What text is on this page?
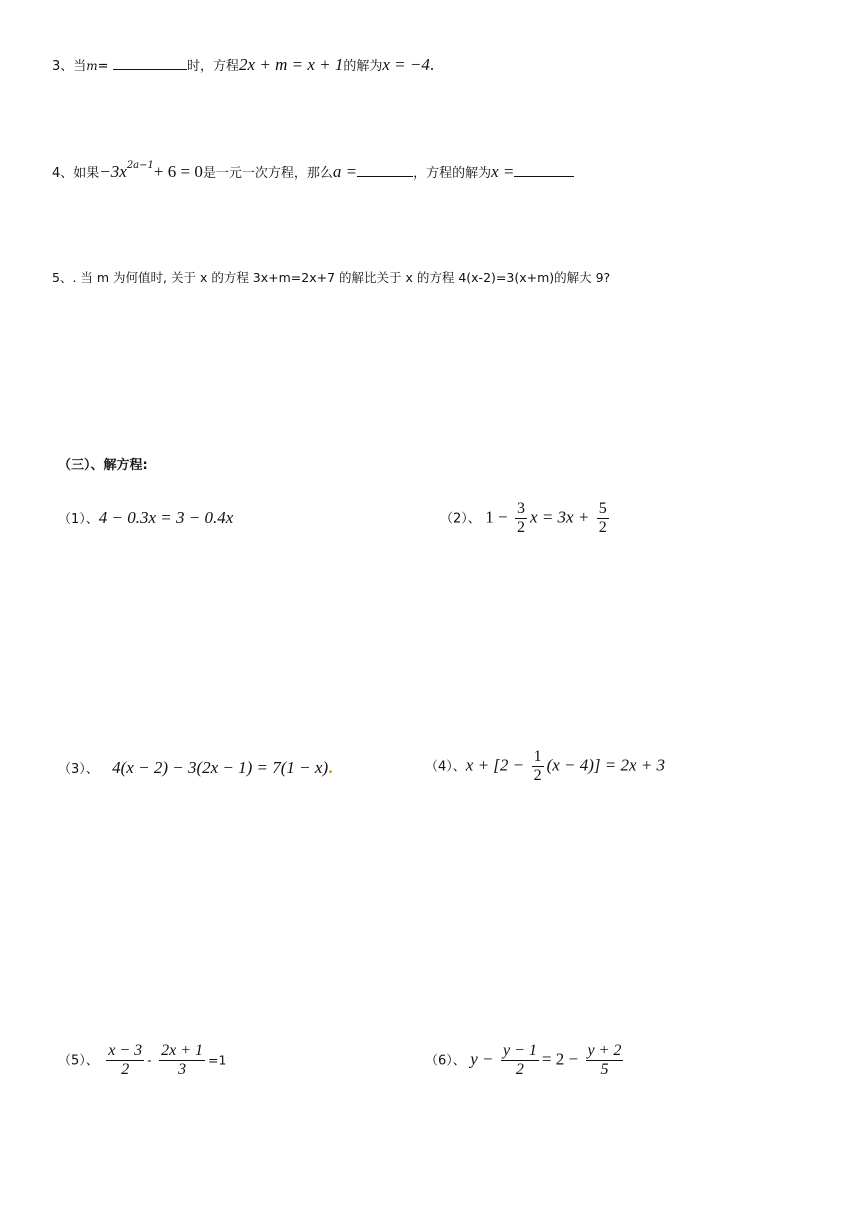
3、当m=	时，方程2x + m = x + 1的解为x = −4.
4、如果$-3x^{2a-1}+ 6 = 0$是一元一次方程，那么a =	，方程的解为x =
5、. 当 m 为何值时, 关于 x 的方程 3x+m=2x+7 的解比关于 x 的方程 4(x-2)=3(x+m)的解大 9?
（三）、解方程:
（1）、4 − 0.3x = 3 − 0.4x	（2）、 $1 - \frac{3}{2}$ $x = 3x + \frac{5}{2}$
（3）、 4(x − 2) − 3(2x − 1) = 7(1 − x).	（4）、$x + [2 - \frac{1}{2} (x - 4)] = 2x + 3$
（5）、 $\frac{x - 3}{2} - \frac{2x + 1}{3} =1$	（6）、 $y - \frac{y - 1}{2} = 2 - \frac{y + 2}{5}$
